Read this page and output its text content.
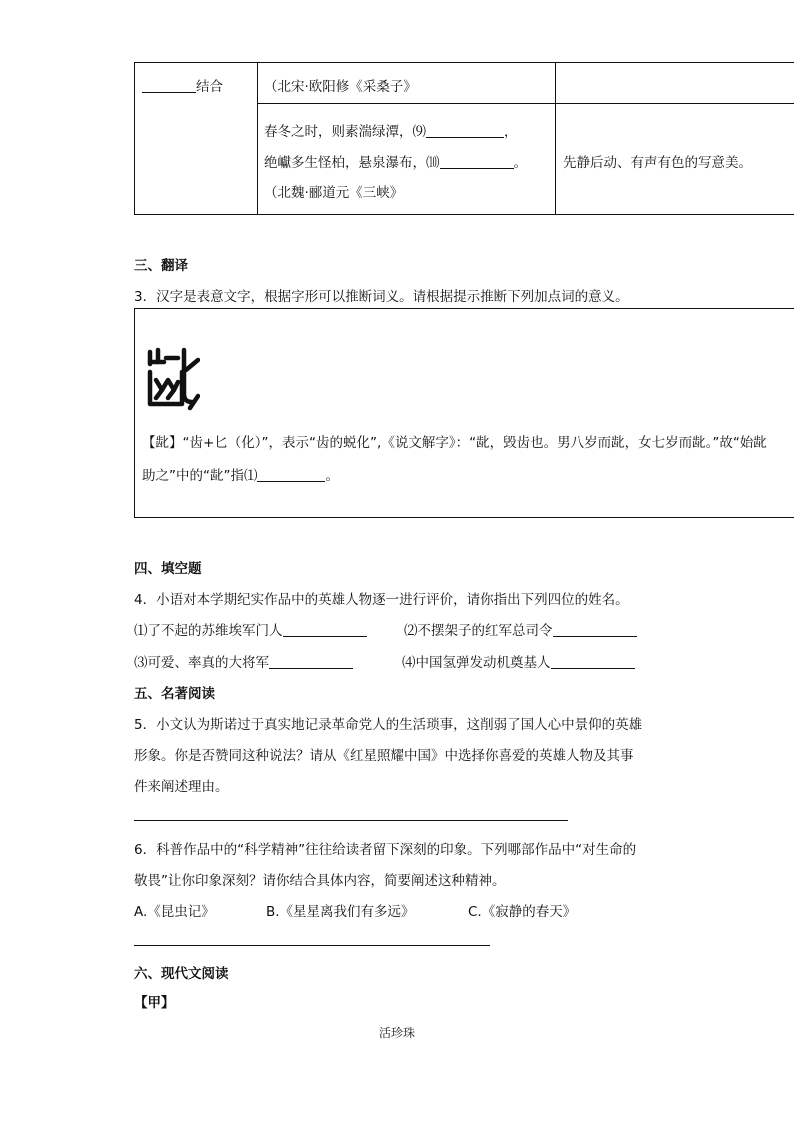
结合	（北宋·欧阳修《采桑子》
春冬之时，则素湍绿潭，⑼	，
绝巘多生怪柏，悬泉瀑布，⑽	。
（北魏·郦道元《三峡》
先静后动、有声有色的写意美。
三、翻译
3．汉字是表意文字，根据字形可以推断词义。请根据提示推断下列加点词的意义。
【龀】“齿+匕（化）”，表示“齿的蜕化”,《说文解字》：“龀，毁齿也。男八岁而龀，女七岁而龀。”故“始龀
助之”中的“龀”指⑴	。
四、填空题
4．小语对本学期纪实作品中的英雄人物逐一进行评价，请你指出下列四位的姓名。
⑴了不起的苏维埃军门人	⑵不摆架子的红军总司令
⑶可爱、率真的大将军	⑷中国氢弹发动机奠基人
五、名著阅读
5．小文认为斯诺过于真实地记录革命党人的生活琐事，这削弱了国人心中景仰的英雄
形象。你是否赞同这种说法？请从《红星照耀中国》中选择你喜爱的英雄人物及其事
件来阐述理由。
6．科普作品中的“科学精神”往往给读者留下深刻的印象。下列哪部作品中“对生命的
敬畏”让你印象深刻？请你结合具体内容，简要阐述这种精神。
A.《昆虫记》	B.《星星离我们有多远》	C.《寂静的春天》
六、现代文阅读
【甲】
活珍珠
